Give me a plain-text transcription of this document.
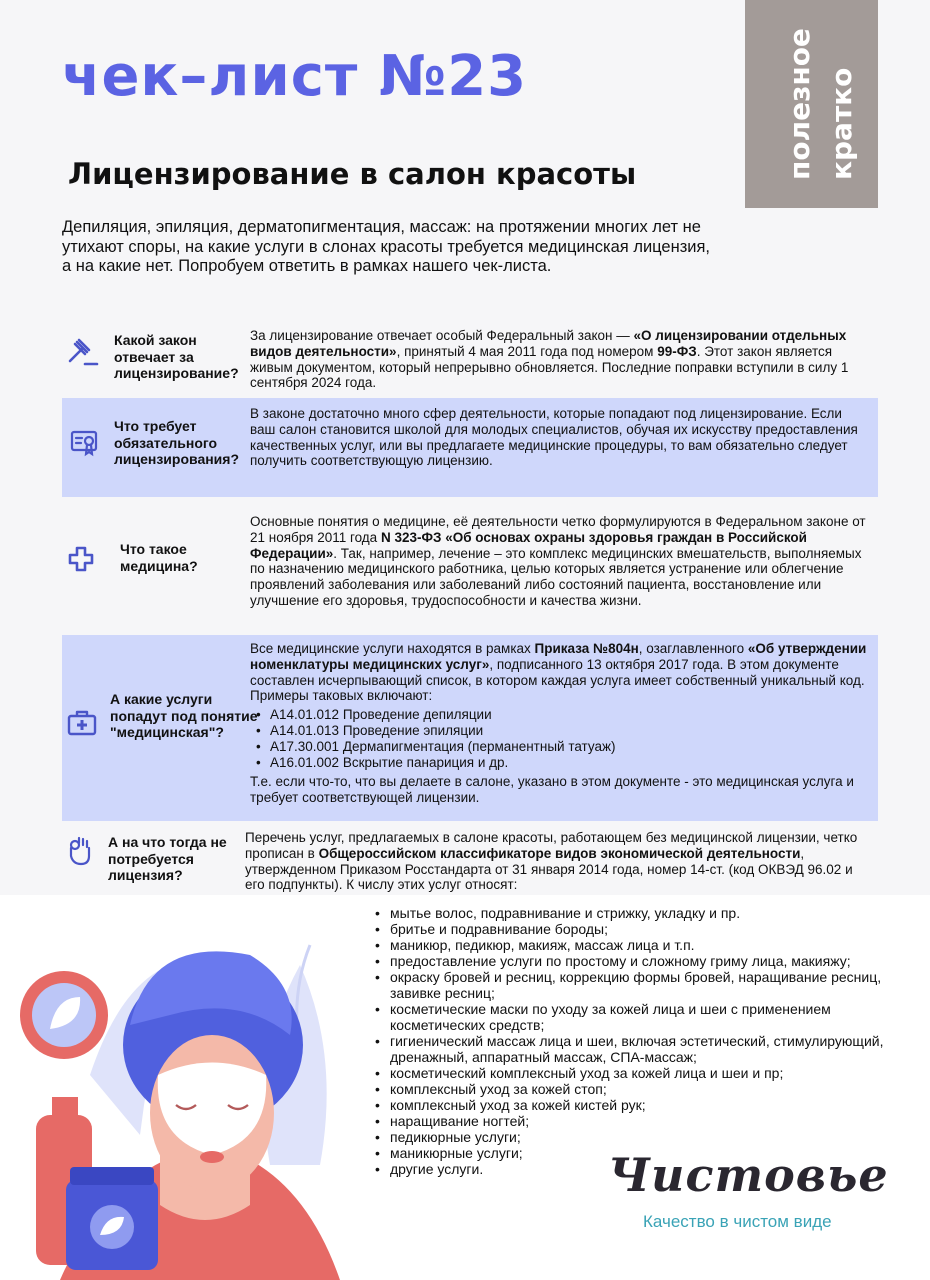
полезное кратко
чек–лист №23
Лицензирование в салон красоты
Депиляция, эпиляция, дерматопигментация, массаж: на протяжении многих лет не утихают споры, на какие услуги в слонах красоты требуется медицинская лицензия, а на какие нет. Попробуем ответить в рамках нашего чек-листа.
Какой закон отвечает за лицензирование?
За лицензирование отвечает особый Федеральный закон — «О лицензировании отдельных видов деятельности», принятый 4 мая 2011 года под номером 99-ФЗ. Этот закон является живым документом, который непрерывно обновляется. Последние поправки вступили в силу 1 сентября 2024 года.
Что требует обязательного лицензирования?
В законе достаточно много сфер деятельности, которые попадают под лицензирование. Если ваш салон становится школой для молодых специалистов, обучая их искусству предоставления качественных услуг, или вы предлагаете медицинские процедуры, то вам обязательно следует получить соответствующую лицензию.
Что такое медицина?
Основные понятия о медицине, её деятельности четко формулируются в Федеральном законе от 21 ноября 2011 года N 323-ФЗ «Об основах охраны здоровья граждан в Российской Федерации». Так, например, лечение – это комплекс медицинских вмешательств, выполняемых по назначению медицинского работника, целью которых является устранение или облегчение проявлений заболевания или заболеваний либо состояний пациента, восстановление или улучшение его здоровья, трудоспособности и качества жизни.
А какие услуги попадут под понятие "медицинская"?
Все медицинские услуги находятся в рамках Приказа №804н, озаглавленного «Об утверждении номенклатуры медицинских услуг», подписанного 13 октября 2017 года. В этом документе составлен исчерпывающий список, в котором каждая услуга имеет собственный уникальный код. Примеры таковых включают:
• А14.01.012 Проведение депиляции
• А14.01.013 Проведение эпиляции
• А17.30.001 Дермапигментация (перманентный татуаж)
• А16.01.002 Вскрытие панариция и др.
Т.е. если что-то, что вы делаете в салоне, указано в этом документе - это медицинская услуга и требует соответствующей лицензии.
А на что тогда не потребуется лицензия?
Перечень услуг, предлагаемых в салоне красоты, работающем без медицинской лицензии, четко прописан в Общероссийском классификаторе видов экономической деятельности, утвержденном Приказом Росстандарта от 31 января 2014 года, номер 14-ст. (код ОКВЭД 96.02 и его подпункты). К числу этих услуг относят:
• мытье волос, подравнивание и стрижку, укладку и пр.
• бритье и подравнивание бороды;
• маникюр, педикюр, макияж, массаж лица и т.п.
• предоставление услуги по простому и сложному гриму лица, макияжу;
• окраску бровей и ресниц, коррекцию формы бровей, наращивание ресниц, завивке ресниц;
• косметические маски по уходу за кожей лица и шеи с применением косметических средств;
• гигиенический массаж лица и шеи, включая эстетический, стимулирующий, дренажный, аппаратный массаж, СПА-массаж;
• косметический комплексный уход за кожей лица и шеи и пр;
• комплексный уход за кожей стоп;
• комплексный уход за кожей кистей рук;
• наращивание ногтей;
• педикюрные услуги;
• маникюрные услуги;
• другие услуги.	Чистовье
Качество в чистом виде
